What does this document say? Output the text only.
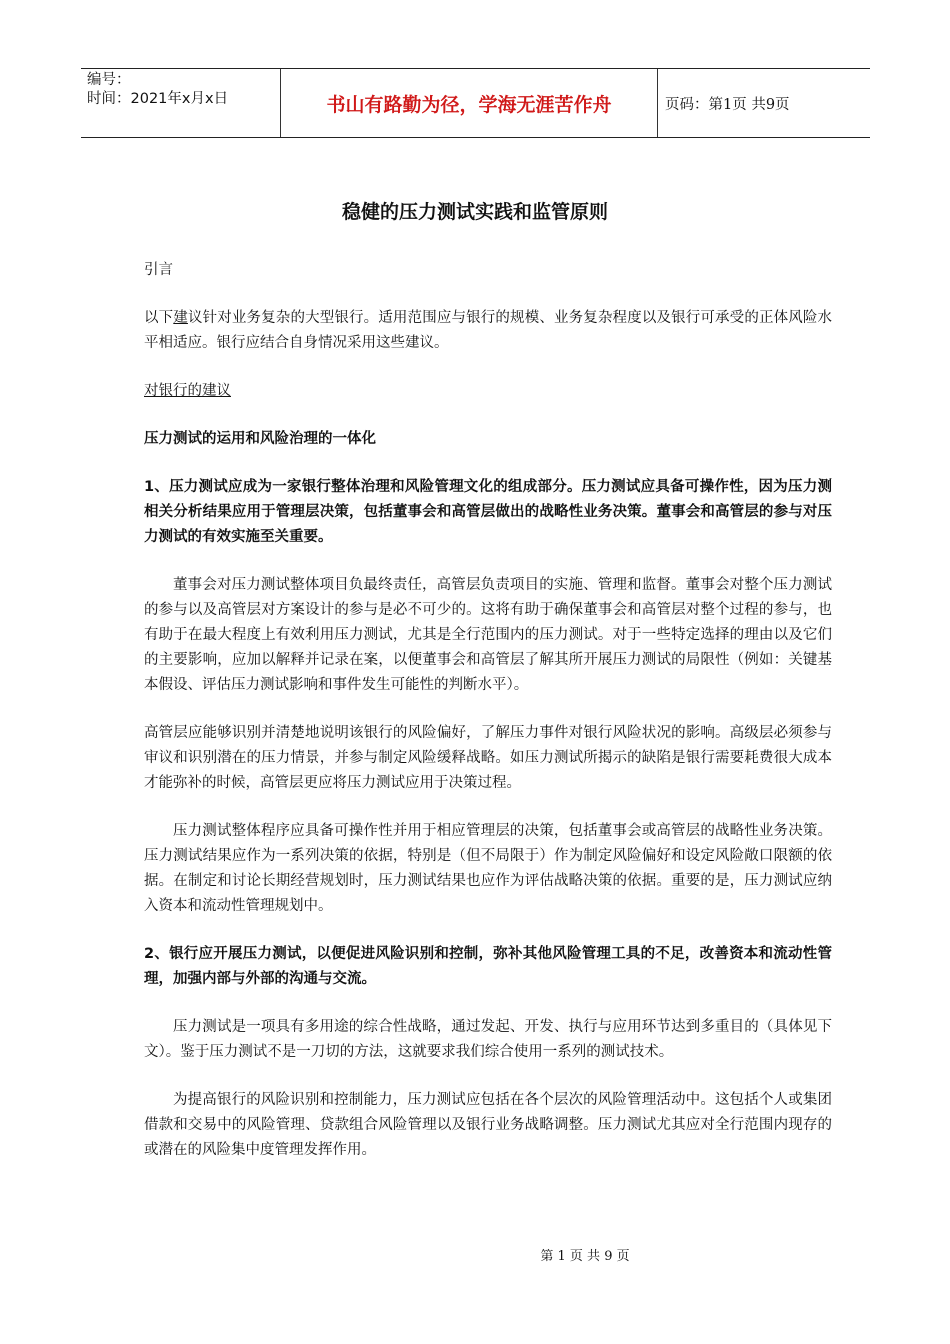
编号：
时间：2021年x月x日	书山有路勤为径，学海无涯苦作舟	页码：第1页 共9页
稳健的压力测试实践和监管原则

引言

以下建议针对业务复杂的大型银行。适用范围应与银行的规模、业务复杂程度以及银行可承受的正体风险水平相适应。银行应结合自身情况采用这些建议。

对银行的建议

压力测试的运用和风险治理的一体化

1、压力测试应成为一家银行整体治理和风险管理文化的组成部分。压力测试应具备可操作性，因为压力测相关分析结果应用于管理层决策，包括董事会和高管层做出的战略性业务决策。董事会和高管层的参与对压力测试的有效实施至关重要。

董事会对压力测试整体项目负最终责任，高管层负责项目的实施、管理和监督。董事会对整个压力测试的参与以及高管层对方案设计的参与是必不可少的。这将有助于确保董事会和高管层对整个过程的参与，也有助于在最大程度上有效利用压力测试，尤其是全行范围内的压力测试。对于一些特定选择的理由以及它们的主要影响，应加以解释并记录在案，以便董事会和高管层了解其所开展压力测试的局限性（例如：关键基本假设、评估压力测试影响和事件发生可能性的判断水平）。

高管层应能够识别并清楚地说明该银行的风险偏好，了解压力事件对银行风险状况的影响。高级层必须参与审议和识别潜在的压力情景，并参与制定风险缓释战略。如压力测试所揭示的缺陷是银行需要耗费很大成本才能弥补的时候，高管层更应将压力测试应用于决策过程。

压力测试整体程序应具备可操作性并用于相应管理层的决策，包括董事会或高管层的战略性业务决策。压力测试结果应作为一系列决策的依据，特别是（但不局限于）作为制定风险偏好和设定风险敞口限额的依据。在制定和讨论长期经营规划时，压力测试结果也应作为评估战略决策的依据。重要的是，压力测试应纳入资本和流动性管理规划中。

2、银行应开展压力测试，以便促进风险识别和控制，弥补其他风险管理工具的不足，改善资本和流动性管理，加强内部与外部的沟通与交流。

压力测试是一项具有多用途的综合性战略，通过发起、开发、执行与应用环节达到多重目的（具体见下文）。鉴于压力测试不是一刀切的方法，这就要求我们综合使用一系列的测试技术。

为提高银行的风险识别和控制能力，压力测试应包括在各个层次的风险管理活动中。这包括个人或集团借款和交易中的风险管理、贷款组合风险管理以及银行业务战略调整。压力测试尤其应对全行范围内现存的或潜在的风险集中度管理发挥作用。

第 1 页 共 9 页
